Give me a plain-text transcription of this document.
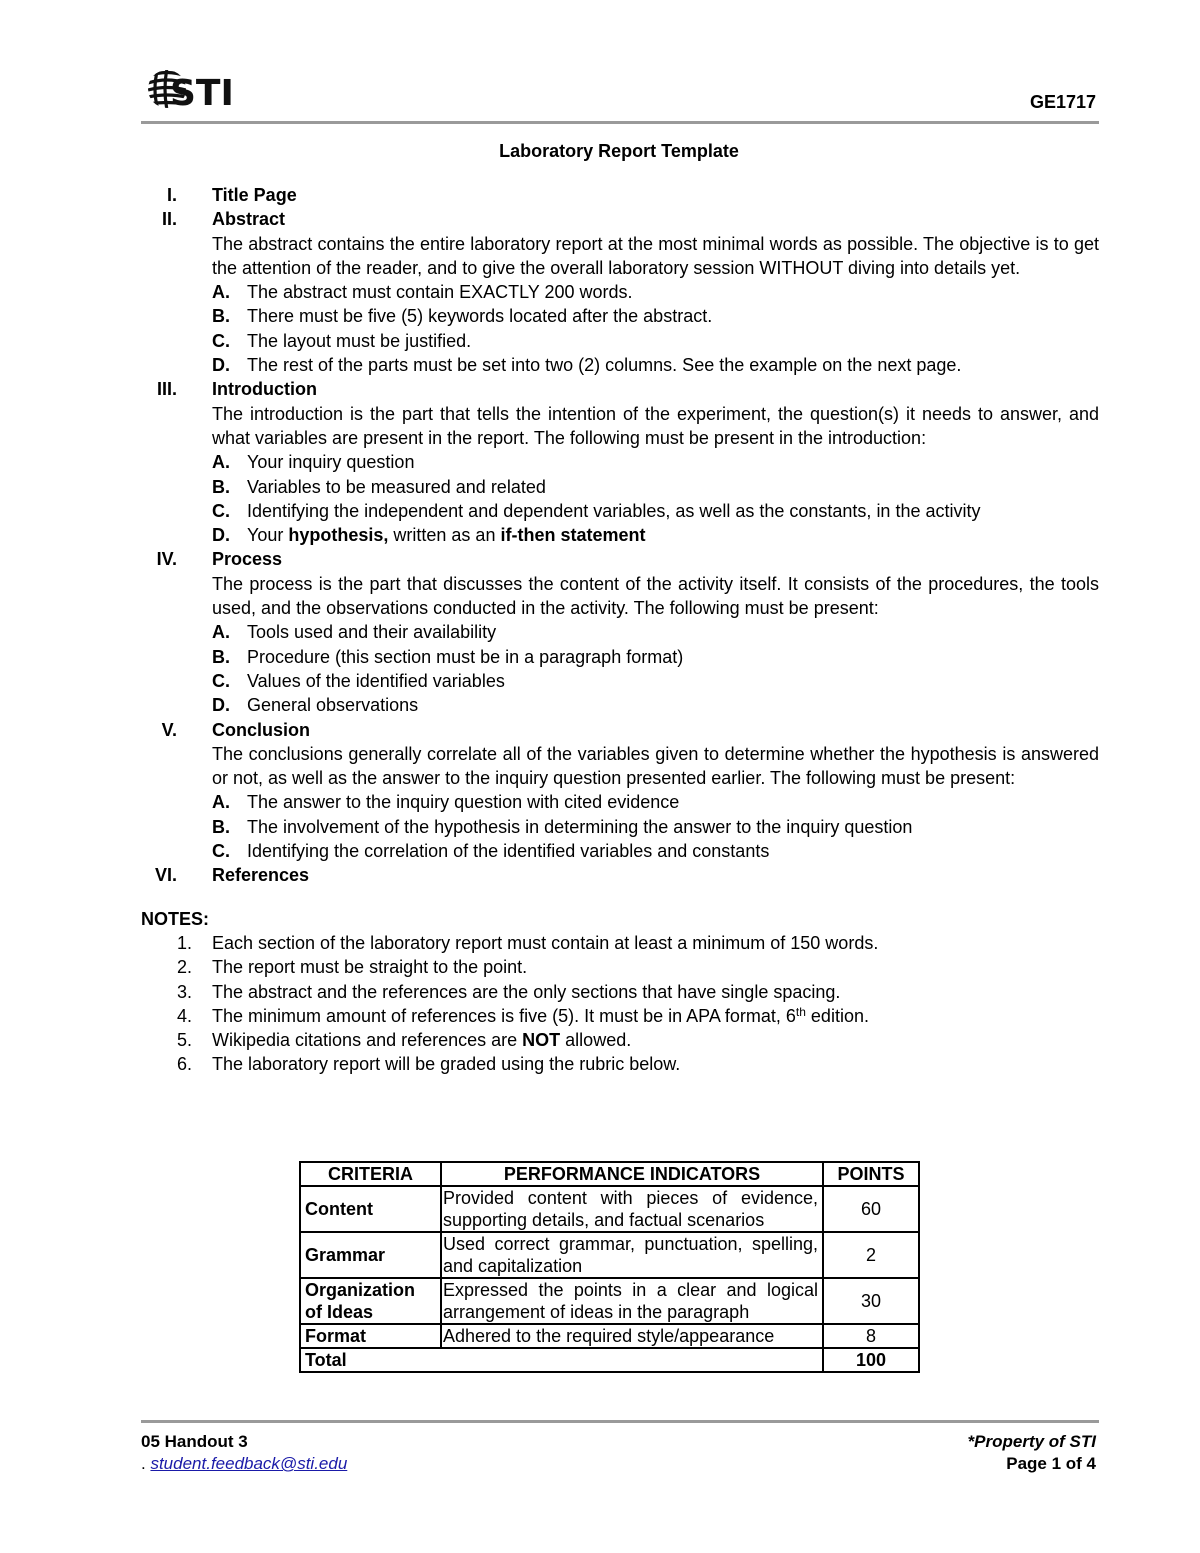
STI	GE1717
Laboratory Report Template
I. Title Page
II. Abstract
The abstract contains the entire laboratory report at the most minimal words as possible. The objective is to get the attention of the reader, and to give the overall laboratory session WITHOUT diving into details yet.
A. The abstract must contain EXACTLY 200 words.
B. There must be five (5) keywords located after the abstract.
C. The layout must be justified.
D. The rest of the parts must be set into two (2) columns. See the example on the next page.
III. Introduction
The introduction is the part that tells the intention of the experiment, the question(s) it needs to answer, and what variables are present in the report. The following must be present in the introduction:
A. Your inquiry question
B. Variables to be measured and related
C. Identifying the independent and dependent variables, as well as the constants, in the activity
D. Your hypothesis, written as an if-then statement
IV. Process
The process is the part that discusses the content of the activity itself. It consists of the procedures, the tools used, and the observations conducted in the activity. The following must be present:
A. Tools used and their availability
B. Procedure (this section must be in a paragraph format)
C. Values of the identified variables
D. General observations
V. Conclusion
The conclusions generally correlate all of the variables given to determine whether the hypothesis is answered or not, as well as the answer to the inquiry question presented earlier. The following must be present:
A. The answer to the inquiry question with cited evidence
B. The involvement of the hypothesis in determining the answer to the inquiry question
C. Identifying the correlation of the identified variables and constants
VI. References
NOTES:
1. Each section of the laboratory report must contain at least a minimum of 150 words.
2. The report must be straight to the point.
3. The abstract and the references are the only sections that have single spacing.
4. The minimum amount of references is five (5). It must be in APA format, 6th edition.
5. Wikipedia citations and references are NOT allowed.
6. The laboratory report will be graded using the rubric below.
CRITERIA	PERFORMANCE INDICATORS	POINTS
Content	Provided content with pieces of evidence, supporting details, and factual scenarios	60
Grammar	Used correct grammar, punctuation, spelling, and capitalization	2
Organization of Ideas	Expressed the points in a clear and logical arrangement of ideas in the paragraph	30
Format	Adhered to the required style/appearance	8
Total		100
05 Handout 3
. student.feedback@sti.edu
*Property of STI
Page 1 of 4
